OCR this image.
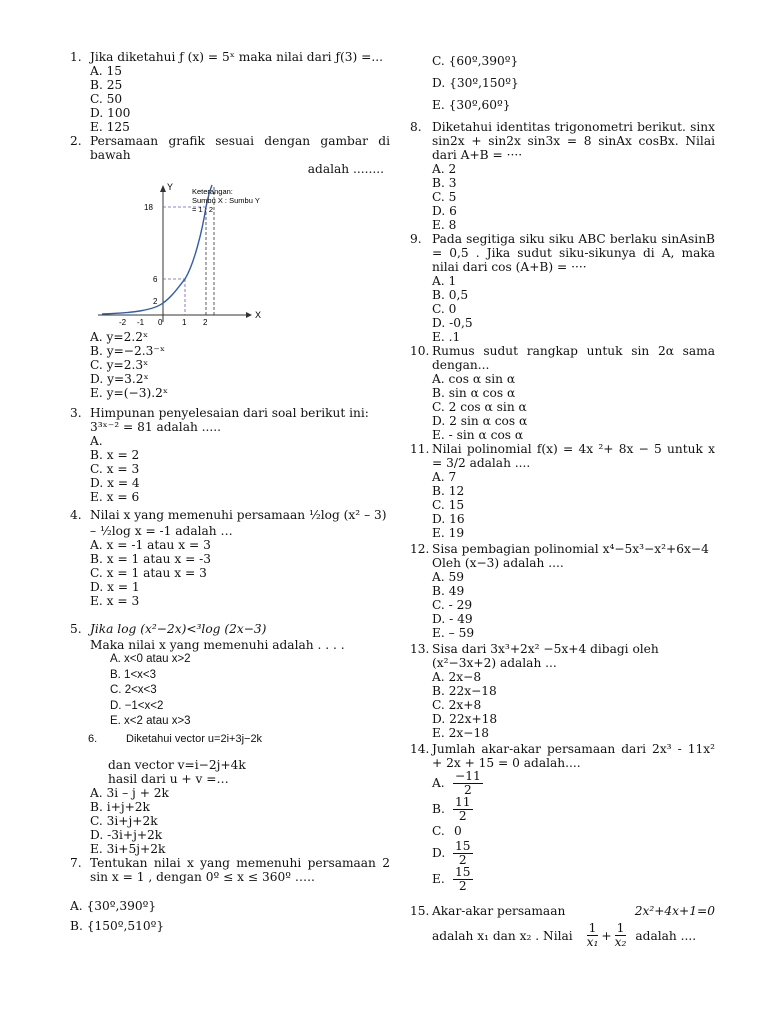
1. Jika diketahui ƒ (x) = 5ˣ maka nilai dari ƒ(3) =...
A. 15
B. 25
C. 50
D. 100
E. 125
2. Persamaan grafik sesuai dengan gambar di bawah
adalah ........
X
Y
18
6
2
-2 -1 0 1 2
Keterangan:
Sumbu X : Sumbu Y
= 1 : 2
A. y=2.2ˣ
B. y=−2.3⁻ˣ
C. y=2.3ˣ
D. y=3.2ˣ
E. y=(−3).2ˣ
3. Himpunan penyelesaian dari soal berikut ini:
3³ˣ⁻² = 81 adalah .....
A.
B. x = 2
C. x = 3
D. x = 4
E. x = 6
4. Nilai x yang memenuhi persamaan ½log (x² – 3)
– ½log x = -1 adalah …
A. x = -1 atau x = 3
B. x = 1 atau x = -3
C. x = 1 atau x = 3
D. x = 1
E. x = 3
5. Jika log (x²−2x)<³log (2x−3)
Maka nilai x yang memenuhi adalah . . . .
A. x<0 atau x>2
B. 1<x<3
C. 2<x<3
D. −1<x<2
E. x<2 atau x>3
6.	Diketahui vector u=2i+3j−2k
dan vector v=i−2j+4k
hasil dari u + v =…
A. 3i – j + 2k
B. i+j+2k
C. 3i+j+2k
D. -3i+j+2k
E. 3i+5j+2k
7. Tentukan nilai x yang memenuhi persamaan 2 sin x = 1 , dengan 0º ≤ x ≤ 360º …..
A. {30º,390º}
B. {150º,510º}
C. {60º,390º}
D. {30º,150º}
E. {30º,60º}
8. Diketahui identitas trigonometri berikut. sinx sin2x + sin2x sin3x = 8 sinAx cosBx. Nilai dari A+B = ····
A. 2
B. 3
C. 5
D. 6
E. 8
9. Pada segitiga siku siku ABC berlaku sinAsinB = 0,5 . Jika sudut siku-sikunya di A, maka nilai dari cos (A+B) = ····
A. 1
B. 0,5
C. 0
D. -0,5
E. .1
10. Rumus sudut rangkap untuk sin 2α sama dengan...
A. cos α sin α
B. sin α cos α
C. 2 cos α sin α
D. 2 sin α cos α
E. - sin α cos α
11. Nilai polinomial f(x) = 4x ²+ 8x − 5 untuk x = 3/2 adalah ....
A. 7
B. 12
C. 15
D. 16
E. 19
12. Sisa pembagian polinomial x⁴−5x³−x²+6x−4
Oleh (x−3) adalah ....
A. 59
B. 49
C. - 29
D. - 49
E. – 59
13. Sisa dari 3x³+2x² −5x+4 dibagi oleh
(x²−3x+2) adalah ...
A. 2x−8
B. 22x−18
C. 2x+8
D. 22x+18
E. 2x−18
14. Jumlah akar-akar persamaan dari 2x³ - 11x² + 2x + 15 = 0 adalah....
A. $\frac{-11}{2}$
B. $\frac{11}{2}$
C. 0
D. $\frac{15}{2}$
E. $\frac{15}{2}$
15. Akar-akar persamaan	2x²+4x+1=0
adalah x₁ dan x₂ . Nilai $\frac{1}{\text{x₁}} + \frac{1}{\text{x₂}}$ adalah ....
